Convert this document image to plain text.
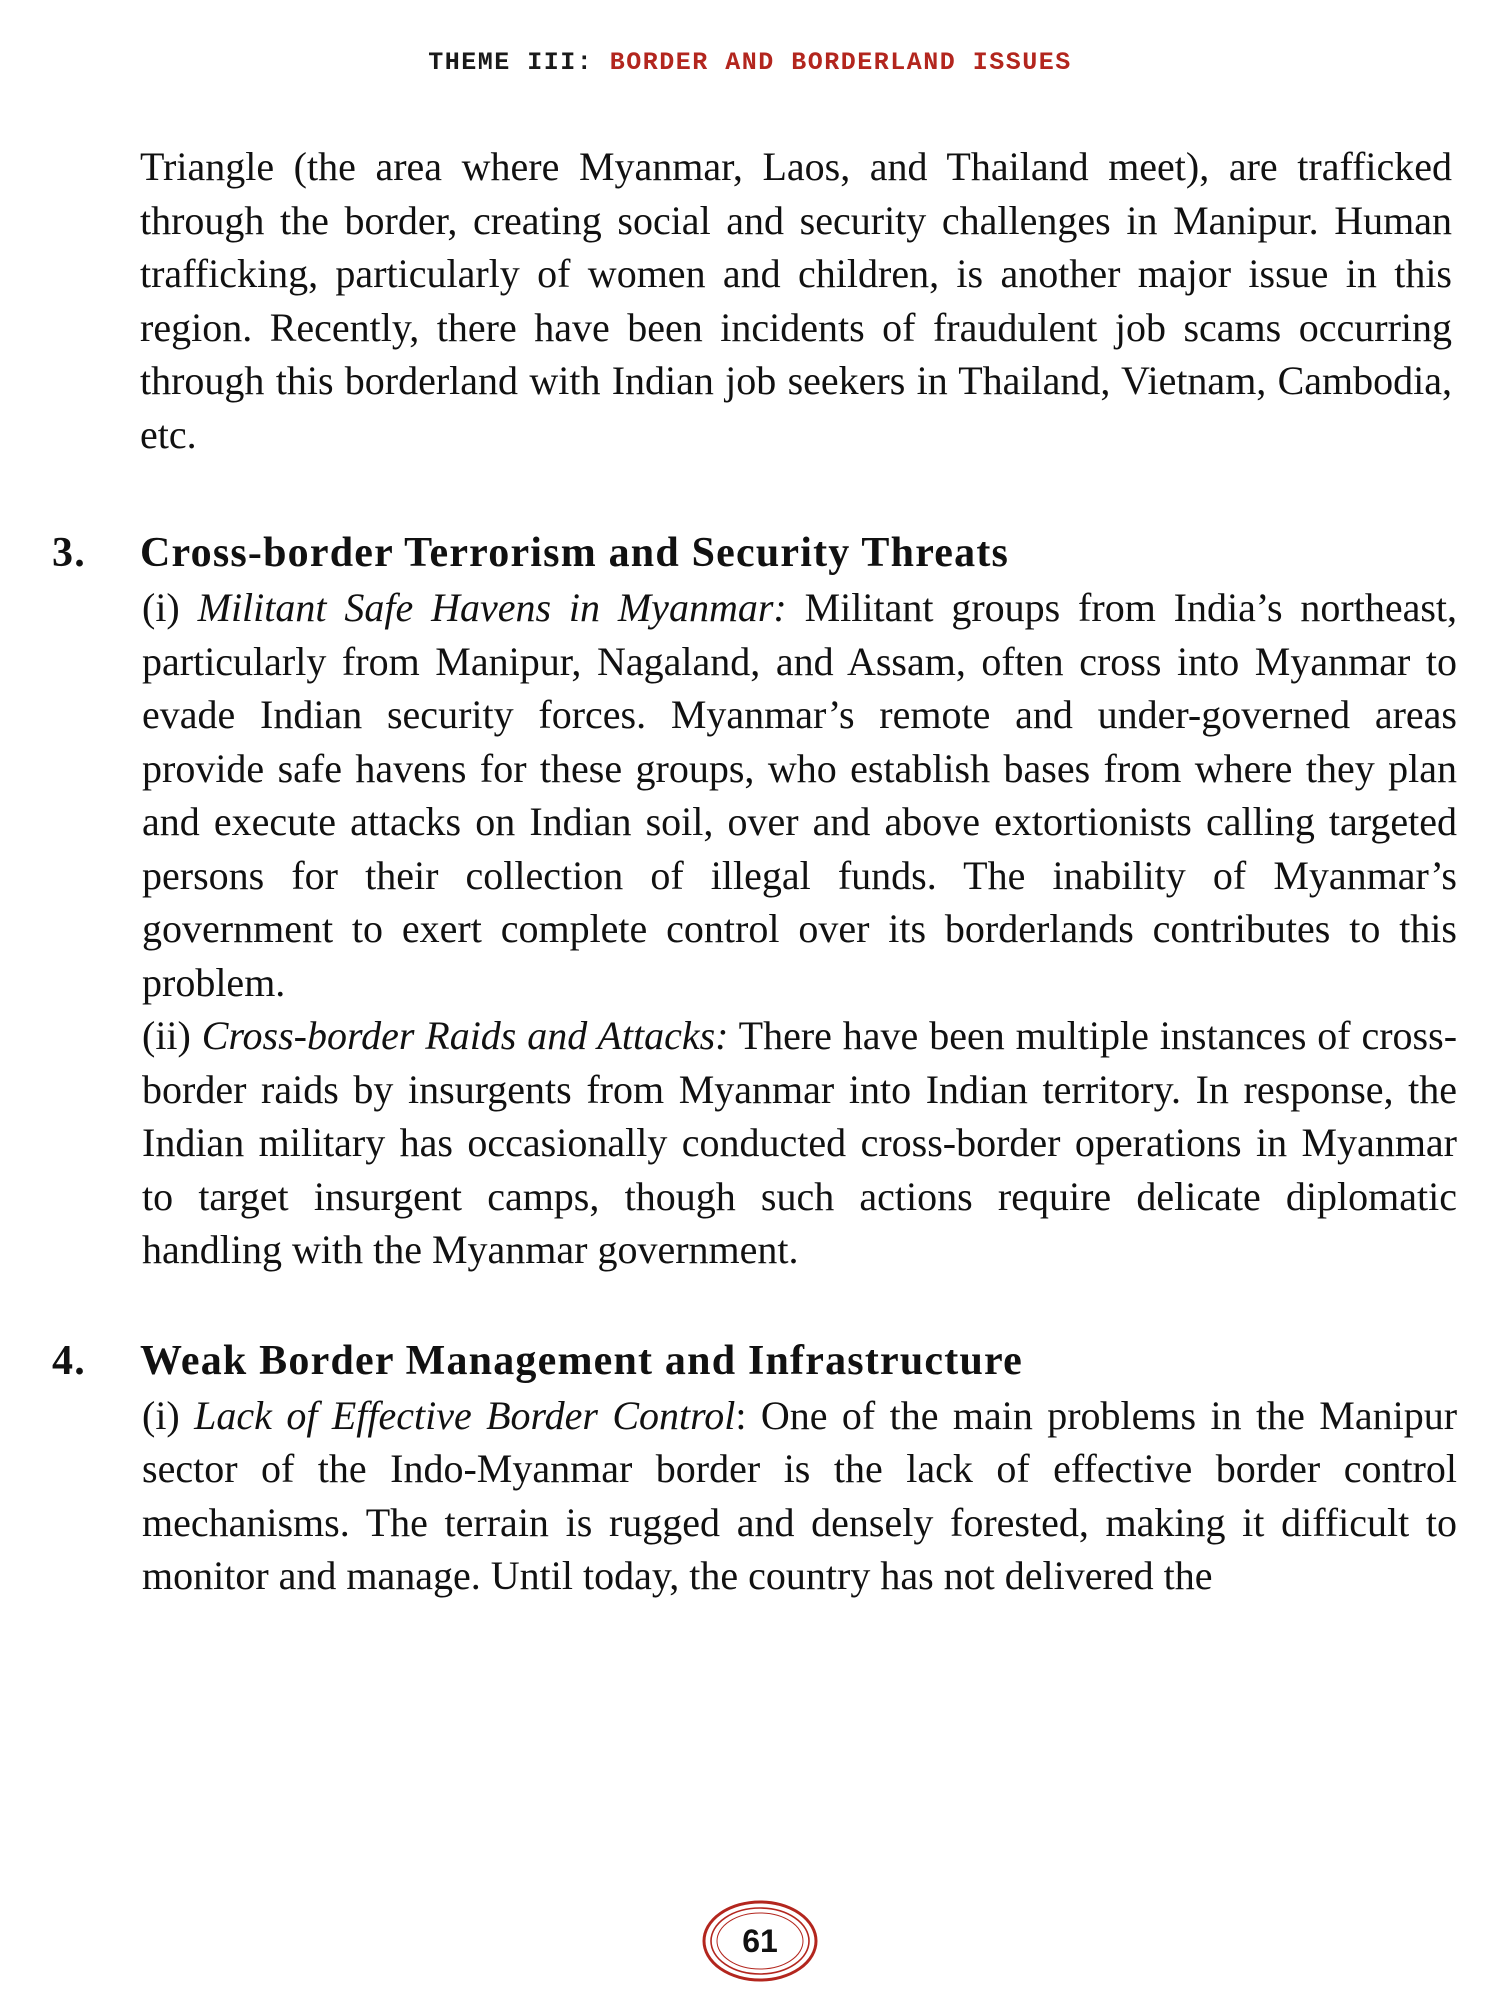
THEME III: BORDER AND BORDERLAND ISSUES

Triangle (the area where Myanmar, Laos, and Thailand meet), are trafficked through the border, creating social and security challenges in Manipur. Human trafficking, particularly of women and children, is another major issue in this region. Recently, there have been incidents of fraudulent job scams occurring through this borderland with Indian job seekers in Thailand, Vietnam, Cambodia, etc.

3. Cross-border Terrorism and Security Threats

(i) Militant Safe Havens in Myanmar: Militant groups from India’s northeast, particularly from Manipur, Nagaland, and Assam, often cross into Myanmar to evade Indian security forces. Myanmar’s remote and under-governed areas provide safe havens for these groups, who establish bases from where they plan and execute attacks on Indian soil, over and above extortionists calling targeted persons for their collection of illegal funds. The inability of Myanmar’s government to exert complete control over its borderlands contributes to this problem.

(ii) Cross-border Raids and Attacks: There have been multiple instances of cross-border raids by insurgents from Myanmar into Indian territory. In response, the Indian military has occasionally conducted cross-border operations in Myanmar to target insurgent camps, though such actions require delicate diplomatic handling with the Myanmar government.

4. Weak Border Management and Infrastructure

(i) Lack of Effective Border Control: One of the main problems in the Manipur sector of the Indo-Myanmar border is the lack of effective border control mechanisms. The terrain is rugged and densely forested, making it difficult to monitor and manage. Until today, the country has not delivered the

61
